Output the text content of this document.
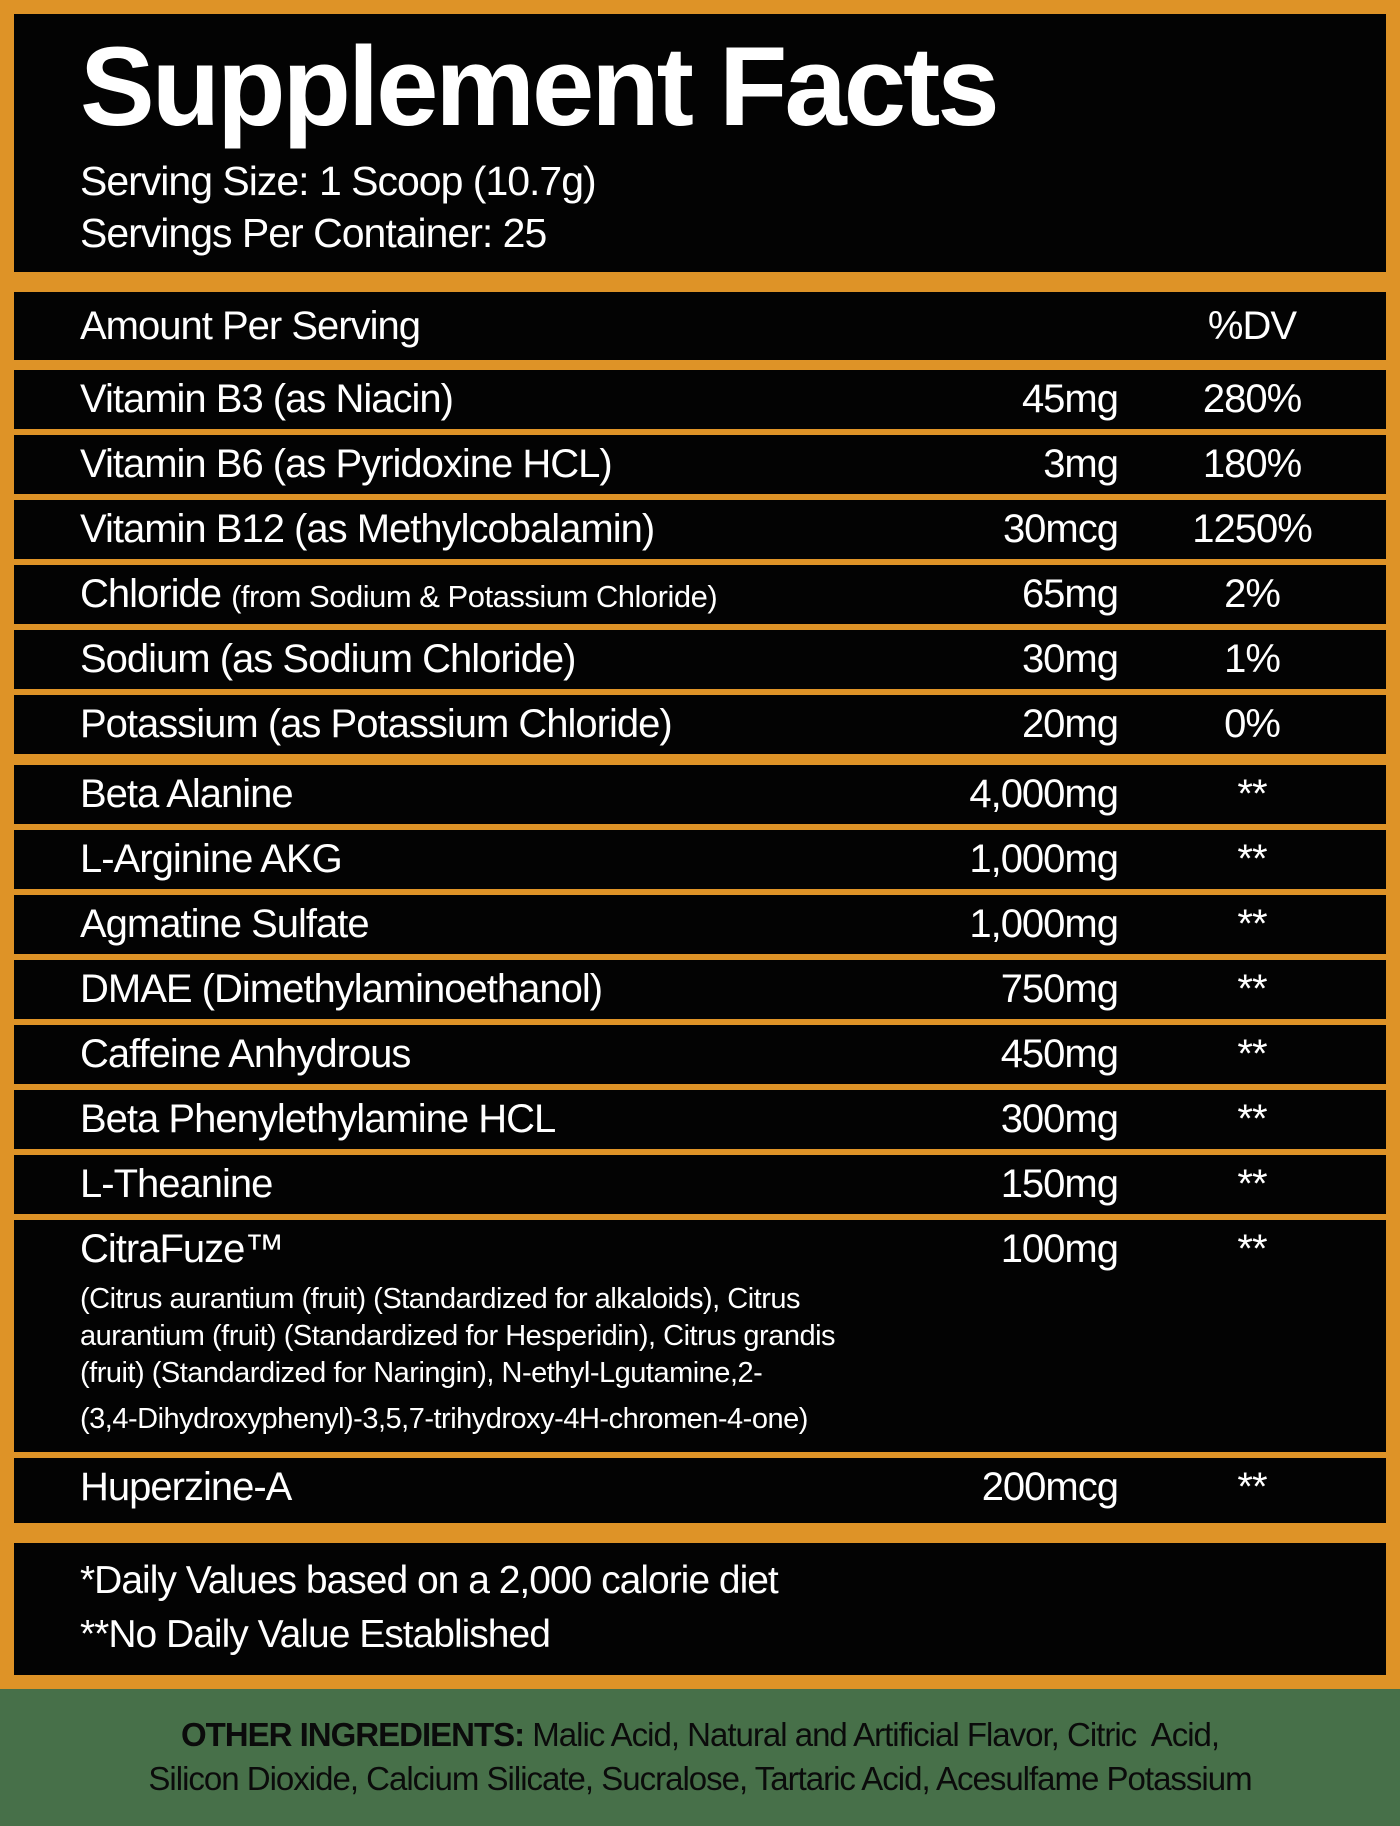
Supplement Facts
Serving Size: 1 Scoop (10.7g)
Servings Per Container: 25
Amount Per Serving	%DV
Vitamin B3 (as Niacin)	45mg	280%
Vitamin B6 (as Pyridoxine HCL)	3mg	180%
Vitamin B12 (as Methylcobalamin)	30mcg	1250%
Chloride (from Sodium & Potassium Chloride)	65mg	2%
Sodium (as Sodium Chloride)	30mg	1%
Potassium (as Potassium Chloride)	20mg	0%
Beta Alanine	4,000mg	**
L-Arginine AKG	1,000mg	**
Agmatine Sulfate	1,000mg	**
DMAE (Dimethylaminoethanol)	750mg	**
Caffeine Anhydrous	450mg	**
Beta Phenylethylamine HCL	300mg	**
L-Theanine	150mg	**
CitraFuze™	100mg	**
(Citrus aurantium (fruit) (Standardized for alkaloids), Citrus
aurantium (fruit) (Standardized for Hesperidin), Citrus grandis
(fruit) (Standardized for Naringin), N-ethyl-Lgutamine,2-
(3,4-Dihydroxyphenyl)-3,5,7-trihydroxy-4H-chromen-4-one)
Huperzine-A	200mcg	**
*Daily Values based on a 2,000 calorie diet
**No Daily Value Established
OTHER INGREDIENTS: Malic Acid, Natural and Artificial Flavor, Citric  Acid,
Silicon Dioxide, Calcium Silicate, Sucralose, Tartaric Acid, Acesulfame Potassium
